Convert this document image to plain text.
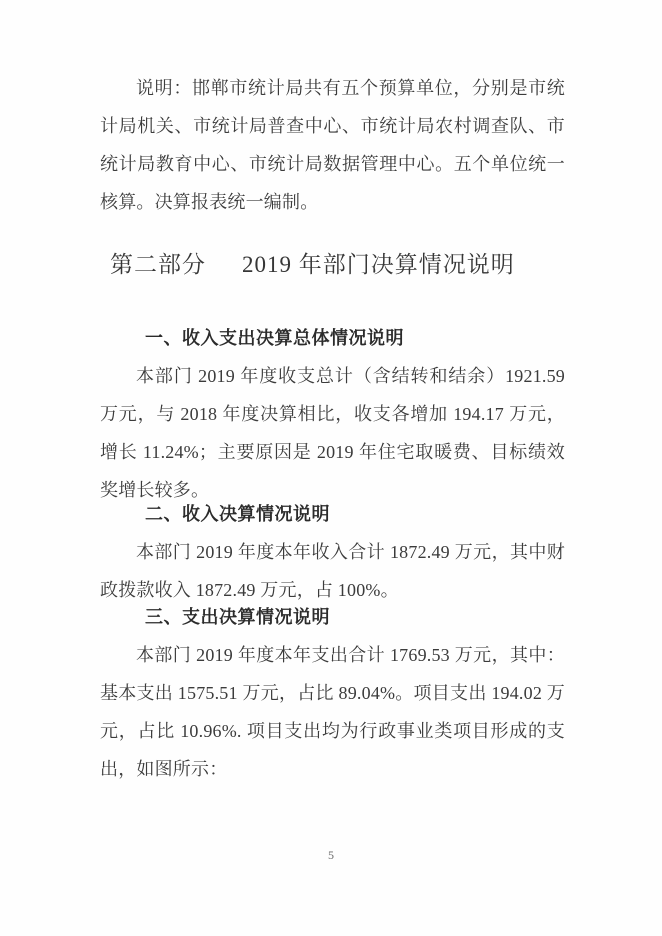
说明：邯郸市统计局共有五个预算单位，分别是市统计局机关、市统计局普查中心、市统计局农村调查队、市统计局教育中心、市统计局数据管理中心。五个单位统一核算。决算报表统一编制。

第二部分 2019 年部门决算情况说明
一、收入支出决算总体情况说明

本部门 2019 年度收支总计（含结转和结余）1921.59 万元，与 2018 年度决算相比，收支各增加 194.17 万元，增长 11.24%；主要原因是 2019 年住宅取暖费、目标绩效奖增长较多。

二、收入决算情况说明

本部门 2019 年度本年收入合计 1872.49 万元，其中财政拨款收入 1872.49 万元，占 100%。

三、支出决算情况说明

本部门 2019 年度本年支出合计 1769.53 万元，其中：基本支出 1575.51 万元，占比 89.04%。项目支出 194.02 万元，占比 10.96%. 项目支出均为行政事业类项目形成的支出，如图所示：

5
